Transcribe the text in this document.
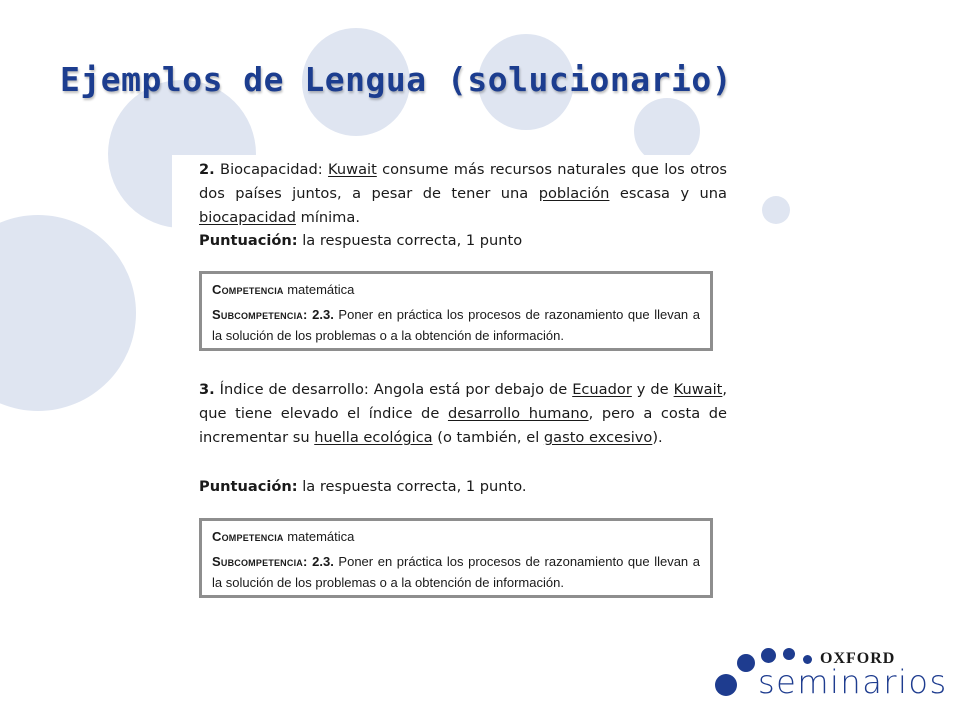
Ejemplos de Lengua (solucionario)

2. Biocapacidad: Kuwait consume más recursos naturales que los otros dos países juntos, a pesar de tener una población escasa y una biocapacidad mínima.

Puntuación: la respuesta correcta, 1 punto

Competencia matemática

Subcompetencia: 2.3. Poner en práctica los procesos de razonamiento que llevan a la solución de los problemas o a la obtención de información.

3. Índice de desarrollo: Angola está por debajo de Ecuador y de Kuwait, que tiene elevado el índice de desarrollo humano, pero a costa de incrementar su huella ecológica (o también, el gasto excesivo).

Puntuación: la respuesta correcta, 1 punto.

Competencia matemática

Subcompetencia: 2.3. Poner en práctica los procesos de razonamiento que llevan a la solución de los problemas o a la obtención de información.

OXFORD
seminarios
